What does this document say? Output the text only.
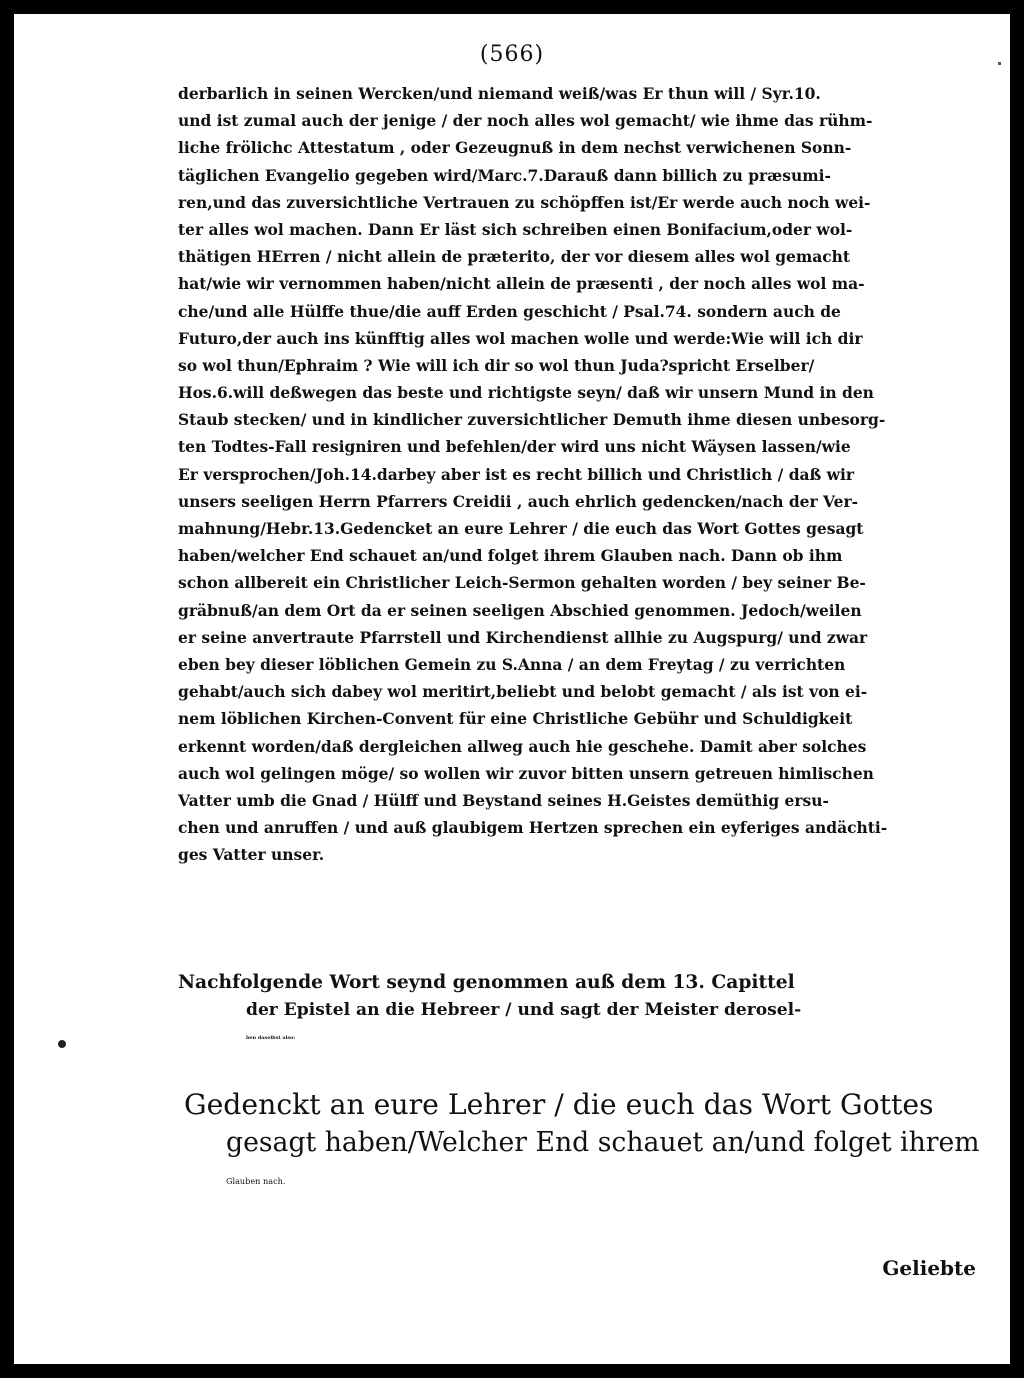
(566)
derbarlich in seinen Wercken/und niemand weiß/was Er thun will / Syr.10.
und ist zumal auch der jenige / der noch alles wol gemacht/ wie ihme das rühm-
liche frölichc Attestatum , oder Gezeugnuß in dem nechst verwichenen Sonn-
täglichen Evangelio gegeben wird/Marc.7.Darauß dann billich zu præsumi-
ren,und das zuversichtliche Vertrauen zu schöpffen ist/Er werde auch noch wei-
ter alles wol machen. Dann Er läst sich schreiben einen Bonifacium,oder wol-
thätigen HErren / nicht allein de præterito, der vor diesem alles wol gemacht
hat/wie wir vernommen haben/nicht allein de præsenti , der noch alles wol ma-
che/und alle Hülffe thue/die auff Erden geschicht / Psal.74. sondern auch de
Futuro,der auch ins künfftig alles wol machen wolle und werde:Wie will ich dir
so wol thun/Ephraim ? Wie will ich dir so wol thun Juda?spricht Erselber/
Hos.6.will deßwegen das beste und richtigste seyn/ daß wir unsern Mund in den
Staub stecken/ und in kindlicher zuversichtlicher Demuth ihme diesen unbesorg-
ten Todtes-Fall resigniren und befehlen/der wird uns nicht Wäysen lassen/wie
Er versprochen/Joh.14.darbey aber ist es recht billich und Christlich / daß wir
unsers seeligen Herrn Pfarrers Creidii , auch ehrlich gedencken/nach der Ver-
mahnung/Hebr.13.Gedencket an eure Lehrer / die euch das Wort Gottes gesagt
haben/welcher End schauet an/und folget ihrem Glauben nach. Dann ob ihm
schon allbereit ein Christlicher Leich-Sermon gehalten worden / bey seiner Be-
gräbnuß/an dem Ort da er seinen seeligen Abschied genommen. Jedoch/weilen
er seine anvertraute Pfarrstell und Kirchendienst allhie zu Augspurg/ und zwar
eben bey dieser löblichen Gemein zu S.Anna / an dem Freytag / zu verrichten
gehabt/auch sich dabey wol meritirt,beliebt und belobt gemacht / als ist von ei-
nem löblichen Kirchen-Convent für eine Christliche Gebühr und Schuldigkeit
erkennt worden/daß dergleichen allweg auch hie geschehe. Damit aber solches
auch wol gelingen möge/ so wollen wir zuvor bitten unsern getreuen himlischen
Vatter umb die Gnad / Hülff und Beystand seines H.Geistes demüthig ersu-
chen und anruffen / und auß glaubigem Hertzen sprechen ein eyferiges andächti-
ges Vatter unser.
Nachfolgende Wort seynd genommen auß dem 13. Capittel
der Epistel an die Hebreer / und sagt der Meister derosel-
ben daselbst also:
Gedenckt an eure Lehrer / die euch das Wort Gottes
gesagt haben/Welcher End schauet an/und folget ihrem
Glauben nach.
Geliebte
